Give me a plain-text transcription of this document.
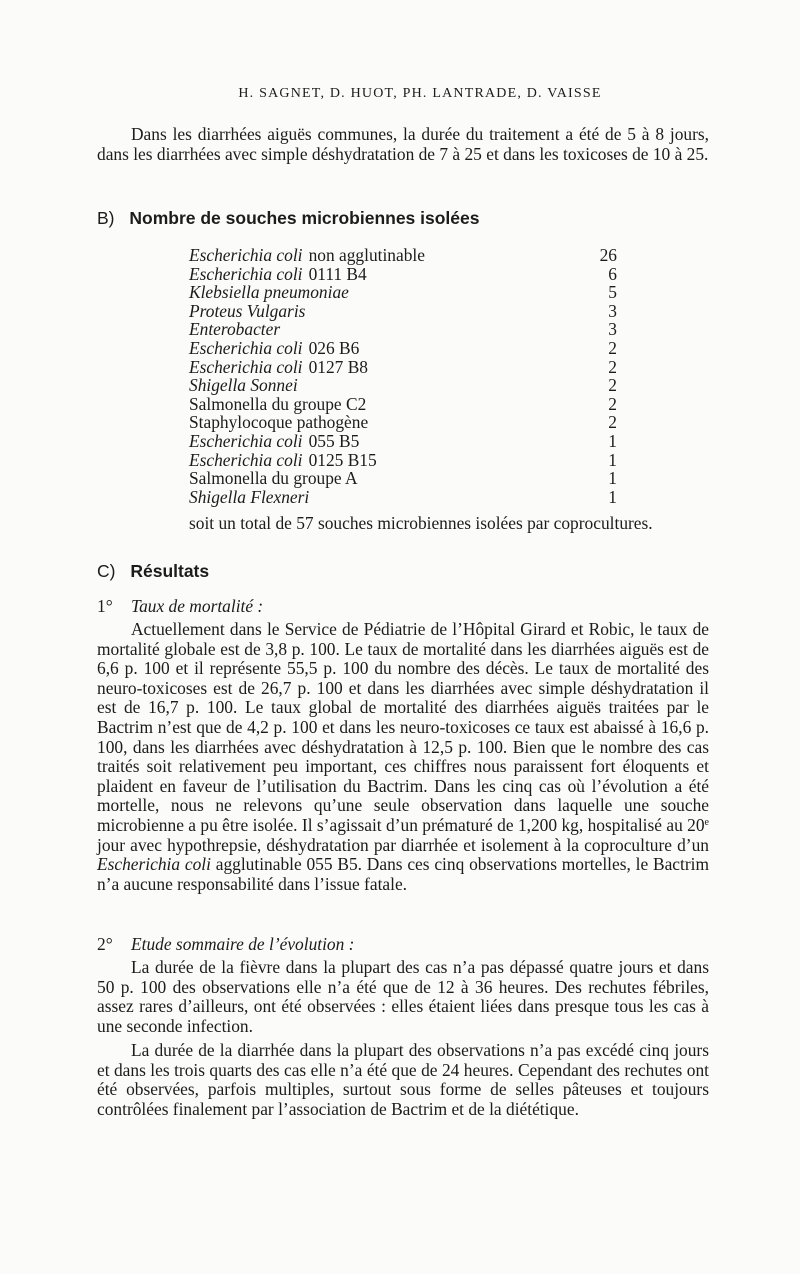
H. SAGNET, D. HUOT, PH. LANTRADE, D. VAISSE

Dans les diarrhées aiguës communes, la durée du traitement a été de 5 à 8 jours, dans les diarrhées avec simple déshydratation de 7 à 25 et dans les toxicoses de 10 à 25.

B) Nombre de souches microbiennes isolées
Escherichia coli non agglutinable	26
Escherichia coli 0111 B4	6
Klebsiella pneumoniae	5
Proteus Vulgaris	3
Enterobacter	3
Escherichia coli 026 B6	2
Escherichia coli 0127 B8	2
Shigella Sonnei	2
Salmonella du groupe C2	2
Staphylocoque pathogène	2
Escherichia coli 055 B5	1
Escherichia coli 0125 B15	1
Salmonella du groupe A	1
Shigella Flexneri	1

soit un total de 57 souches microbiennes isolées par coprocultures.

C) Résultats
1° Taux de mortalité :

Actuellement dans le Service de Pédiatrie de l’Hôpital Girard et Robic, le taux de mortalité globale est de 3,8 p. 100. Le taux de mortalité dans les diarrhées aiguës est de 6,6 p. 100 et il représente 55,5 p. 100 du nombre des décès. Le taux de mortalité des neuro-toxicoses est de 26,7 p. 100 et dans les diarrhées avec simple déshydratation il est de 16,7 p. 100. Le taux global de mortalité des diarrhées aiguës traitées par le Bactrim n’est que de 4,2 p. 100 et dans les neuro-toxicoses ce taux est abaissé à 16,6 p. 100, dans les diarrhées avec déshydratation à 12,5 p. 100. Bien que le nombre des cas traités soit relativement peu important, ces chiffres nous paraissent fort éloquents et plaident en faveur de l’utilisation du Bactrim. Dans les cinq cas où l’évolution a été mortelle, nous ne relevons qu’une seule observation dans laquelle une souche microbienne a pu être isolée. Il s’agissait d’un prématuré de 1,200 kg, hospitalisé au 20e jour avec hypothrepsie, déshydratation par diarrhée et isolement à la coproculture d’un Escherichia coli agglutinable 055 B5. Dans ces cinq observations mortelles, le Bactrim n’a aucune responsabilité dans l’issue fatale.

2° Etude sommaire de l’évolution :

La durée de la fièvre dans la plupart des cas n’a pas dépassé quatre jours et dans 50 p. 100 des observations elle n’a été que de 12 à 36 heures. Des rechutes fébriles, assez rares d’ailleurs, ont été observées : elles étaient liées dans presque tous les cas à une seconde infection.

La durée de la diarrhée dans la plupart des observations n’a pas excédé cinq jours et dans les trois quarts des cas elle n’a été que de 24 heures. Cependant des rechutes ont été observées, parfois multiples, surtout sous forme de selles pâteuses et toujours contrôlées finalement par l’association de Bactrim et de la diététique.
